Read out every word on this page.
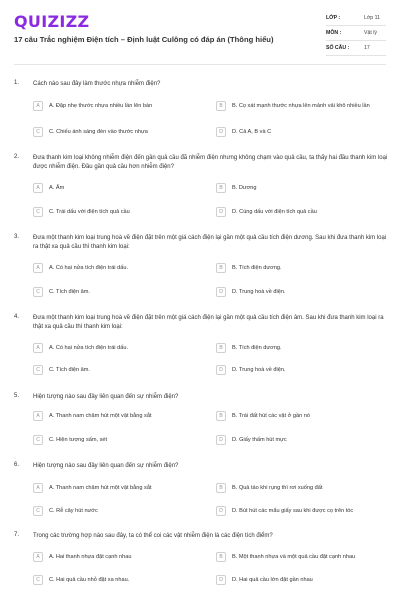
QUIZIZZ
17 câu Trắc nghiệm Điện tích – Định luật Culông có đáp án (Thông hiểu)
LỚP :	Lớp 11
MÔN :	Vật lý
SỐ CÂU :	17
1. Cách nào sau đây làm thước nhựa nhiễm điện?
A	A. Đặp nhẹ thước nhựa nhiều lần lên bàn	B	B. Cọ xát mạnh thước nhựa lên mảnh vải khô nhiều lần
C	C. Chiếu ánh sáng đèn vào thước nhựa	D	D. Cả A, B và C
2. Đưa thanh kim loại không nhiễm điện đến gần quả cầu đã nhiễm điện nhưng không chạm vào quả cầu, ta thấy hai đầu thanh kim loại được nhiễm điện. Đầu gần quả cầu hơn nhiễm điện?
A	A. Âm	B	B. Dương
C	C. Trái dấu với điện tích quả cầu	D	D. Cùng dấu với điện tích quả cầu
3. Đưa một thanh kim loại trung hoà về điện đặt trên một giá cách điện lại gần một quả cầu tích điện dương. Sau khi đưa thanh kim loại ra thật xa quả cầu thì thanh kim loại:
A	A. Có hai nửa tích điện trái dấu.	B	B. Tích điện dương.
C	C. Tích điện âm.	D	D. Trung hoà về điện.
4. Đưa một thanh kim loại trung hoà về điện đặt trên một giá cách điện lại gần một quả cầu tích điện âm. Sau khi đưa thanh kim loại ra thật xa quả cầu thì thanh kim loại:
A	A. Có hai nửa tích điện trái dấu.	B	B. Tích điện dương.
C	C. Tích điện âm.	D	D. Trung hoà về điện.
5. Hiện tượng nào sau đây liên quan đến sự nhiễm điện?
A	A. Thanh nam châm hút một vật bằng sắt	B	B. Trái đất hút các vật ở gần nó
C	C. Hiện tượng sấm, sét	D	D. Giấy thấm hút mực
6. Hiện tượng nào sau đây liên quan đến sự nhiễm điện?
A	A. Thanh nam châm hút một vật bằng sắt	B	B. Quả táo khi rụng thì rơi xuống đất
C	C. Rễ cây hút nước	D	D. Bút hút các mẩu giấy sau khi được cọ trên tóc
7. Trong các trường hợp nào sau đây, ta có thể coi các vật nhiễm điện là các điện tích điểm?
A	A. Hai thanh nhựa đặt cạnh nhau	B	B. Một thanh nhựa và một quả cầu đặt cạnh nhau
C	C. Hai quả cầu nhỏ đặt xa nhau.	D	D. Hai quả cầu lớn đặt gần nhau
